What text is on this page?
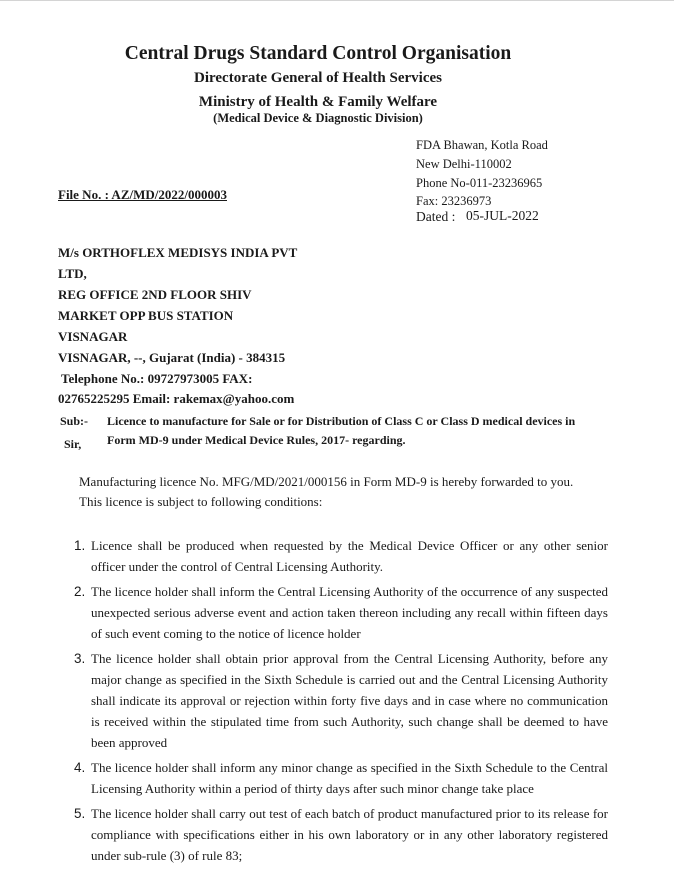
Central Drugs Standard Control Organisation
Directorate General of Health Services
Ministry of Health & Family Welfare
(Medical Device & Diagnostic Division)
FDA Bhawan, Kotla Road
New Delhi-110002
Phone No-011-23236965
Fax: 23236973
Dated : 05-JUL-2022
File No. : AZ/MD/2022/000003
M/s ORTHOFLEX MEDISYS INDIA PVT
LTD,
REG OFFICE 2ND FLOOR SHIV
MARKET OPP BUS STATION
VISNAGAR
VISNAGAR, --, Gujarat (India) - 384315
Telephone No.: 09727973005 FAX:
02765225295 Email: rakemax@yahoo.com
Sub:-
Sir,
Licence to manufacture for Sale or for Distribution of Class C or Class D medical devices in
Form MD-9 under Medical Device Rules, 2017- regarding.
Manufacturing licence No. MFG/MD/2021/000156 in Form MD-9 is hereby forwarded to you.
This licence is subject to following conditions:
1. Licence shall be produced when requested by the Medical Device Officer or any other senior officer under the control of Central Licensing Authority.
2. The licence holder shall inform the Central Licensing Authority of the occurrence of any suspected unexpected serious adverse event and action taken thereon including any recall within fifteen days of such event coming to the notice of licence holder
3. The licence holder shall obtain prior approval from the Central Licensing Authority, before any major change as specified in the Sixth Schedule is carried out and the Central Licensing Authority shall indicate its approval or rejection within forty five days and in case where no communication is received within the stipulated time from such Authority, such change shall be deemed to have been approved
4. The licence holder shall inform any minor change as specified in the Sixth Schedule to the Central Licensing Authority within a period of thirty days after such minor change take place
5. The licence holder shall carry out test of each batch of product manufactured prior to its release for compliance with specifications either in his own laboratory or in any other laboratory registered under sub-rule (3) of rule 83;
